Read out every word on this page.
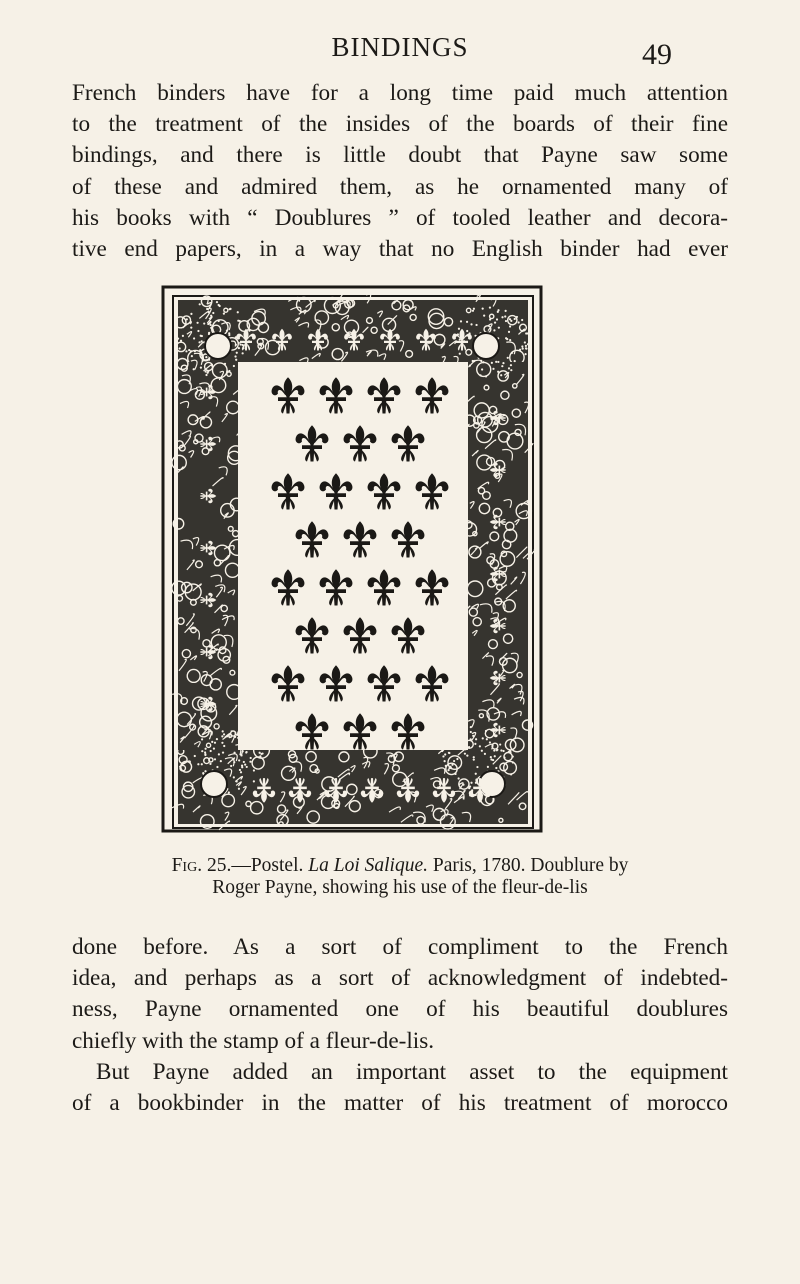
BINDINGS	49

French binders have for a long time paid much attention
to the treatment of the insides of the boards of their fine
bindings, and there is little doubt that Payne saw some
of these and admired them, as he ornamented many of
his books with “ Doublures ” of tooled leather and decora-
tive end papers, in a way that no English binder had ever

Fig. 25.—Postel. La Loi Salique. Paris, 1780. Doublure by
Roger Payne, showing his use of the fleur-de-lis

done before. As a sort of compliment to the French
idea, and perhaps as a sort of acknowledgment of indebted-
ness, Payne ornamented one of his beautiful doublures
chiefly with the stamp of a fleur-de-lis.

But Payne added an important asset to the equipment
of a bookbinder in the matter of his treatment of morocco
